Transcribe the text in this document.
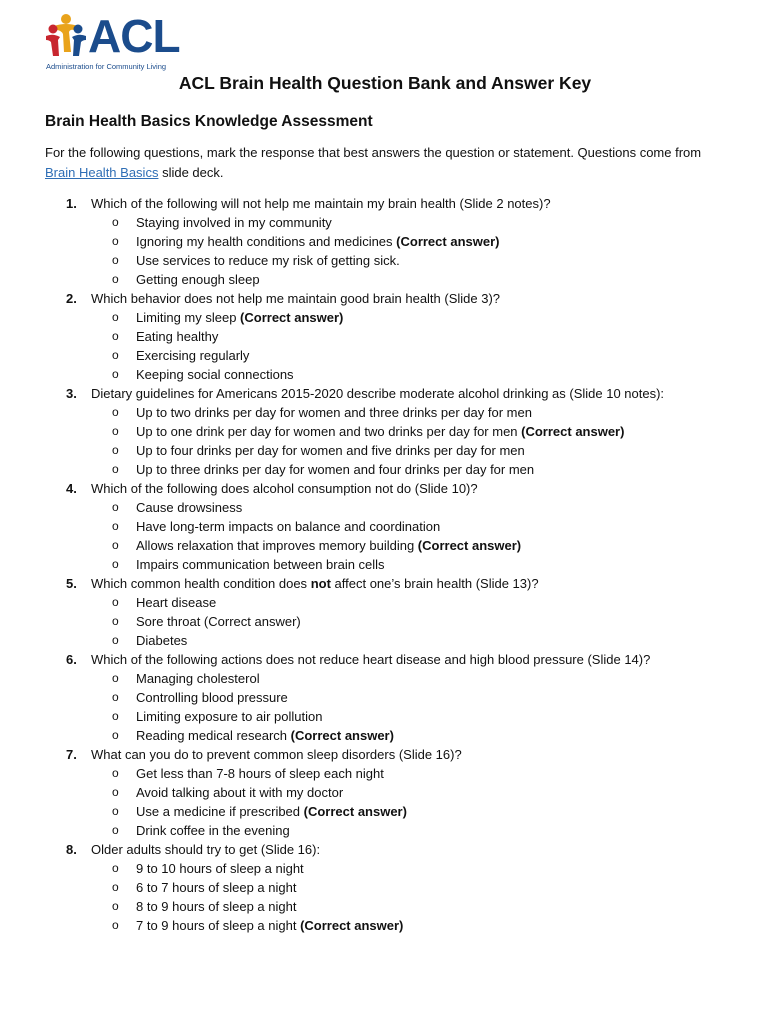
ACL
Administration for Community Living
ACL Brain Health Question Bank and Answer Key
Brain Health Basics Knowledge Assessment
For the following questions, mark the response that best answers the question or statement. Questions come from Brain Health Basics slide deck.
1. Which of the following will not help me maintain my brain health (Slide 2 notes)?
o Staying involved in my community
o Ignoring my health conditions and medicines (Correct answer)
o Use services to reduce my risk of getting sick.
o Getting enough sleep
2. Which behavior does not help me maintain good brain health (Slide 3)?
o Limiting my sleep (Correct answer)
o Eating healthy
o Exercising regularly
o Keeping social connections
3. Dietary guidelines for Americans 2015-2020 describe moderate alcohol drinking as (Slide 10 notes):
o Up to two drinks per day for women and three drinks per day for men
o Up to one drink per day for women and two drinks per day for men (Correct answer)
o Up to four drinks per day for women and five drinks per day for men
o Up to three drinks per day for women and four drinks per day for men
4. Which of the following does alcohol consumption not do (Slide 10)?
o Cause drowsiness
o Have long-term impacts on balance and coordination
o Allows relaxation that improves memory building (Correct answer)
o Impairs communication between brain cells
5. Which common health condition does not affect one’s brain health (Slide 13)?
o Heart disease
o Sore throat (Correct answer)
o Diabetes
6. Which of the following actions does not reduce heart disease and high blood pressure (Slide 14)?
o Managing cholesterol
o Controlling blood pressure
o Limiting exposure to air pollution
o Reading medical research (Correct answer)
7. What can you do to prevent common sleep disorders (Slide 16)?
o Get less than 7-8 hours of sleep each night
o Avoid talking about it with my doctor
o Use a medicine if prescribed (Correct answer)
o Drink coffee in the evening
8. Older adults should try to get (Slide 16):
o 9 to 10 hours of sleep a night
o 6 to 7 hours of sleep a night
o 8 to 9 hours of sleep a night
o 7 to 9 hours of sleep a night (Correct answer)
